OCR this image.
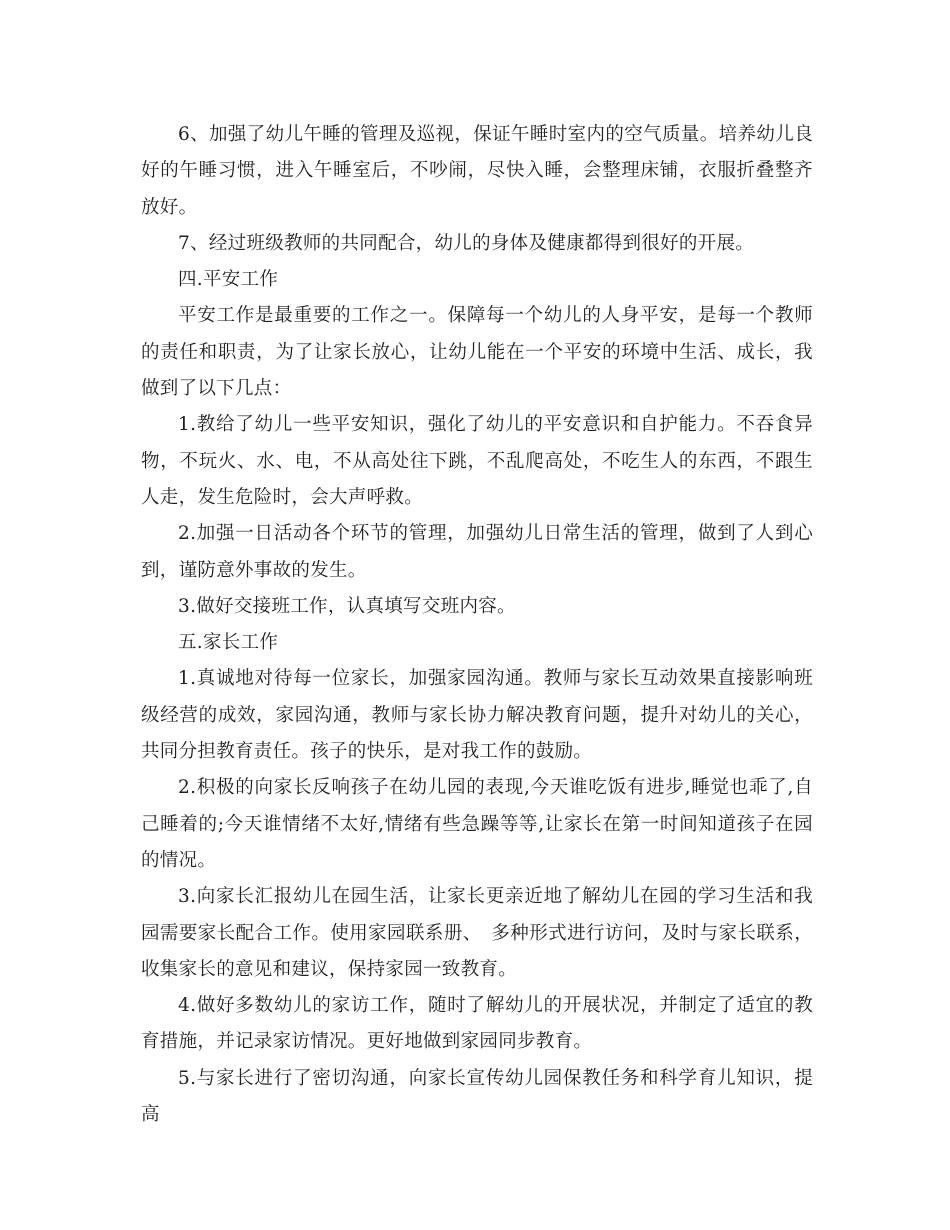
6、加强了幼儿午睡的管理及巡视，保证午睡时室内的空气质量。培养幼儿良好的午睡习惯，进入午睡室后，不吵闹，尽快入睡，会整理床铺，衣服折叠整齐放好。

7、经过班级教师的共同配合，幼儿的身体及健康都得到很好的开展。

四.平安工作

平安工作是最重要的工作之一。保障每一个幼儿的人身平安，是每一个教师的责任和职责，为了让家长放心，让幼儿能在一个平安的环境中生活、成长，我做到了以下几点：

1.教给了幼儿一些平安知识，强化了幼儿的平安意识和自护能力。不吞食异物，不玩火、水、电，不从高处往下跳，不乱爬高处，不吃生人的东西，不跟生人走，发生危险时，会大声呼救。

2.加强一日活动各个环节的管理，加强幼儿日常生活的管理，做到了人到心到，谨防意外事故的发生。

3.做好交接班工作，认真填写交班内容。

五.家长工作

1.真诚地对待每一位家长，加强家园沟通。教师与家长互动效果直接影响班级经营的成效，家园沟通，教师与家长协力解决教育问题，提升对幼儿的关心，共同分担教育责任。孩子的快乐，是对我工作的鼓励。

2.积极的向家长反响孩子在幼儿园的表现,今天谁吃饭有进步,睡觉也乖了,自己睡着的;今天谁情绪不太好,情绪有些急躁等等,让家长在第一时间知道孩子在园的情况。

3.向家长汇报幼儿在园生活，让家长更亲近地了解幼儿在园的学习生活和我园需要家长配合工作。使用家园联系册、　多种形式进行访问，及时与家长联系，收集家长的意见和建议，保持家园一致教育。

4.做好多数幼儿的家访工作，随时了解幼儿的开展状况，并制定了适宜的教育措施，并记录家访情况。更好地做到家园同步教育。

5.与家长进行了密切沟通，向家长宣传幼儿园保教任务和科学育儿知识，提高
